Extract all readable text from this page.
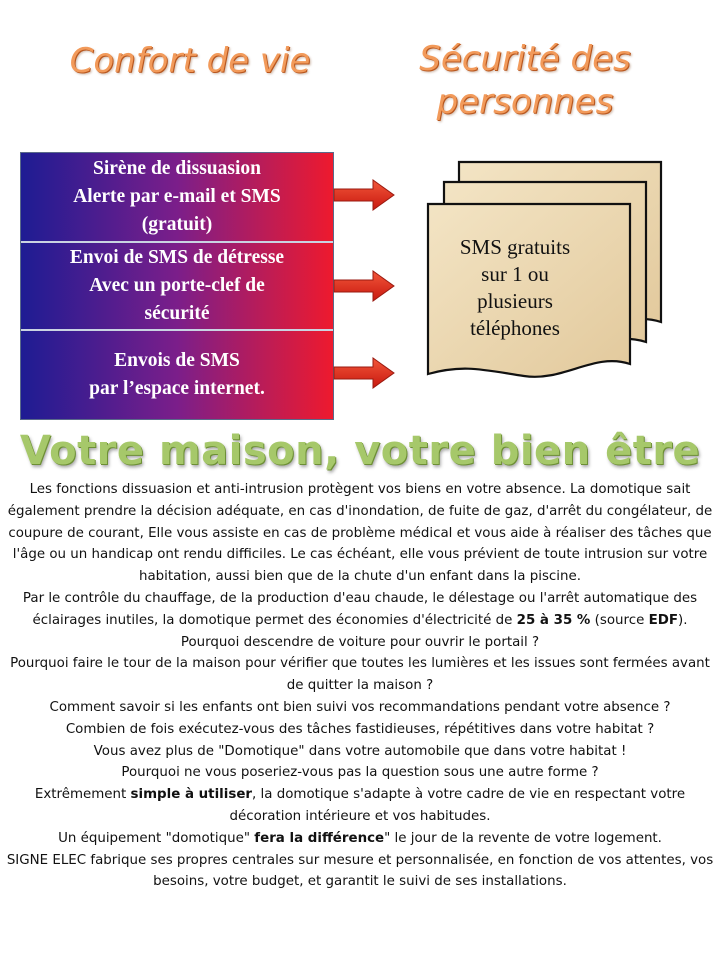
Confort de vie	Sécurité des
personnes
Sirène de dissuasion
Alerte par e-mail et SMS
(gratuit)
Envoi de SMS de détresse
Avec un porte-clef de
sécurité
Envois de SMS
par l’espace internet.
SMS gratuits
sur 1 ou
plusieurs
téléphones
Votre maison, votre bien être

Les fonctions dissuasion et anti-intrusion protègent vos biens en votre absence. La domotique sait également prendre la décision adéquate, en cas d'inondation, de fuite de gaz, d'arrêt du congélateur, de coupure de courant, Elle vous assiste en cas de problème médical et vous aide à réaliser des tâches que l'âge ou un handicap ont rendu difficiles. Le cas échéant, elle vous prévient de toute intrusion sur votre habitation, aussi bien que de la chute d'un enfant dans la piscine.

Par le contrôle du chauffage, de la production d'eau chaude, le délestage ou l'arrêt automatique des éclairages inutiles, la domotique permet des économies d'électricité de 25 à 35 % (source EDF).

Pourquoi descendre de voiture pour ouvrir le portail ?

Pourquoi faire le tour de la maison pour vérifier que toutes les lumières et les issues sont fermées avant de quitter la maison ?

Comment savoir si les enfants ont bien suivi vos recommandations pendant votre absence ?

Combien de fois exécutez-vous des tâches fastidieuses, répétitives dans votre habitat ?

Vous avez plus de "Domotique" dans votre automobile que dans votre habitat !

Pourquoi ne vous poseriez-vous pas la question sous une autre forme ?

Extrêmement simple à utiliser, la domotique s'adapte à votre cadre de vie en respectant votre décoration intérieure et vos habitudes.

Un équipement "domotique" fera la différence" le jour de la revente de votre logement.

SIGNE ELEC fabrique ses propres centrales sur mesure et personnalisée, en fonction de vos attentes, vos besoins, votre budget, et garantit le suivi de ses installations.
